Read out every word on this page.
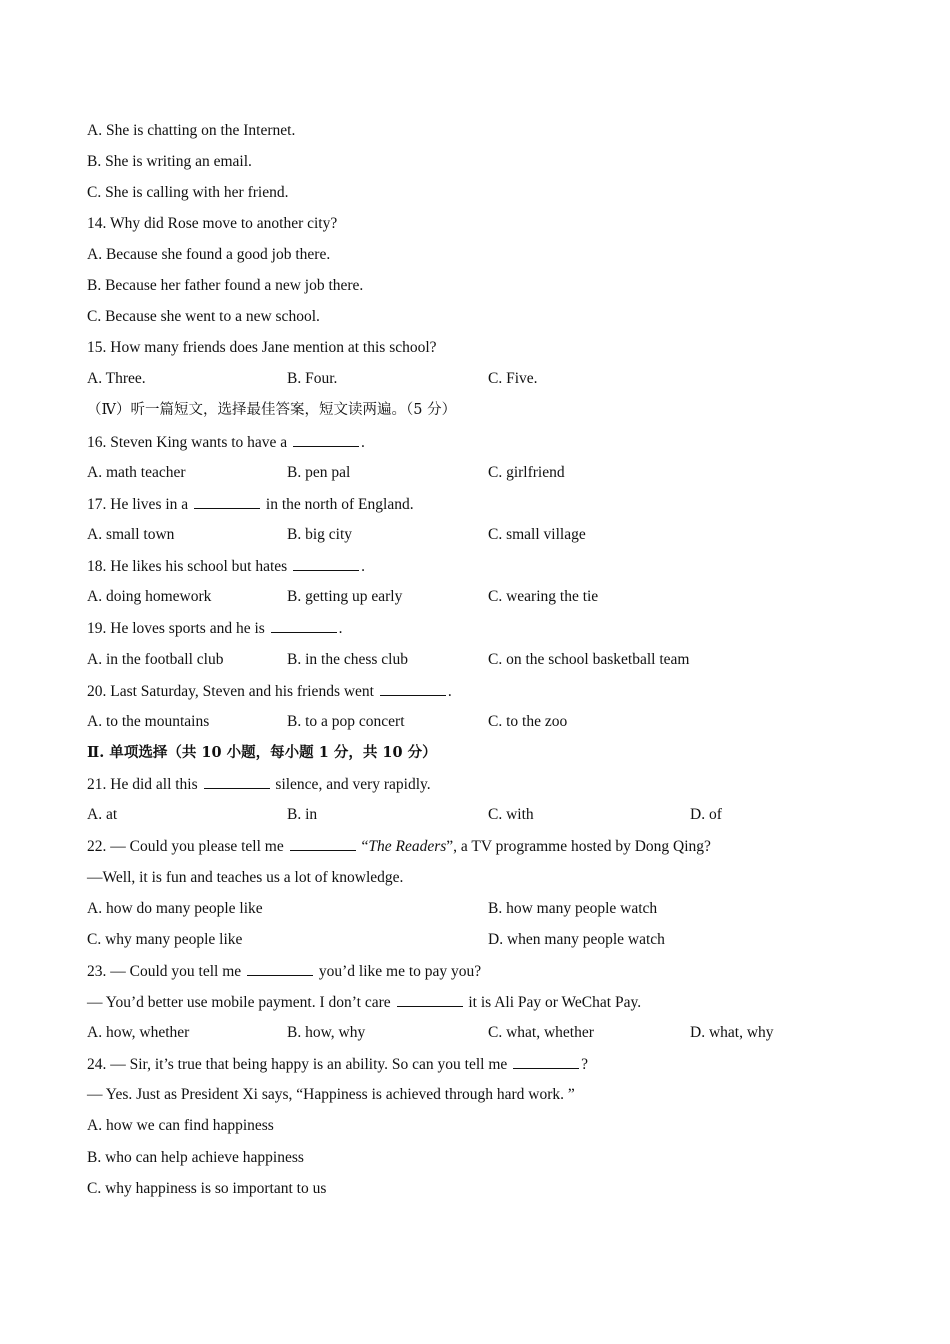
A. She is chatting on the Internet.
B. She is writing an email.
C. She is calling with her friend.
14. Why did Rose move to another city?
A. Because she found a good job there.
B. Because her father found a new job there.
C. Because she went to a new school.
15. How many friends does Jane mention at this school?
A. Three.	B. Four.	C. Five.
（Ⅳ）听一篇短文，选择最佳答案，短文读两遍。（5 分）
16. Steven King wants to have a	.
A. math teacher	B. pen pal	C. girlfriend
17. He lives in a	in the north of England.
A. small town	B. big city	C. small village
18. He likes his school but hates	.
A. doing homework	B. getting up early	C. wearing the tie
19. He loves sports and he is	.
A. in the football club	B. in the chess club	C. on the school basketball team
20. Last Saturday, Steven and his friends went	.
A. to the mountains	B. to a pop concert	C. to the zoo
Ⅱ. 单项选择（共 10 小题，每小题 1 分，共 10 分）
21. He did all this	silence, and very rapidly.
A. at	B. in	C. with	D. of
22. — Could you please tell me	“The Readers”, a TV programme hosted by Dong Qing?
—Well, it is fun and teaches us a lot of knowledge.
A. how do many people like	B. how many people watch
C. why many people like	D. when many people watch
23. — Could you tell me	you’d like me to pay you?
— You’d better use mobile payment. I don’t care	it is Ali Pay or WeChat Pay.
A. how, whether	B. how, why	C. what, whether	D. what, why
24. — Sir, it’s true that being happy is an ability. So can you tell me	?
— Yes. Just as President Xi says, “Happiness is achieved through hard work. ”
A. how we can find happiness
B. who can help achieve happiness
C. why happiness is so important to us
